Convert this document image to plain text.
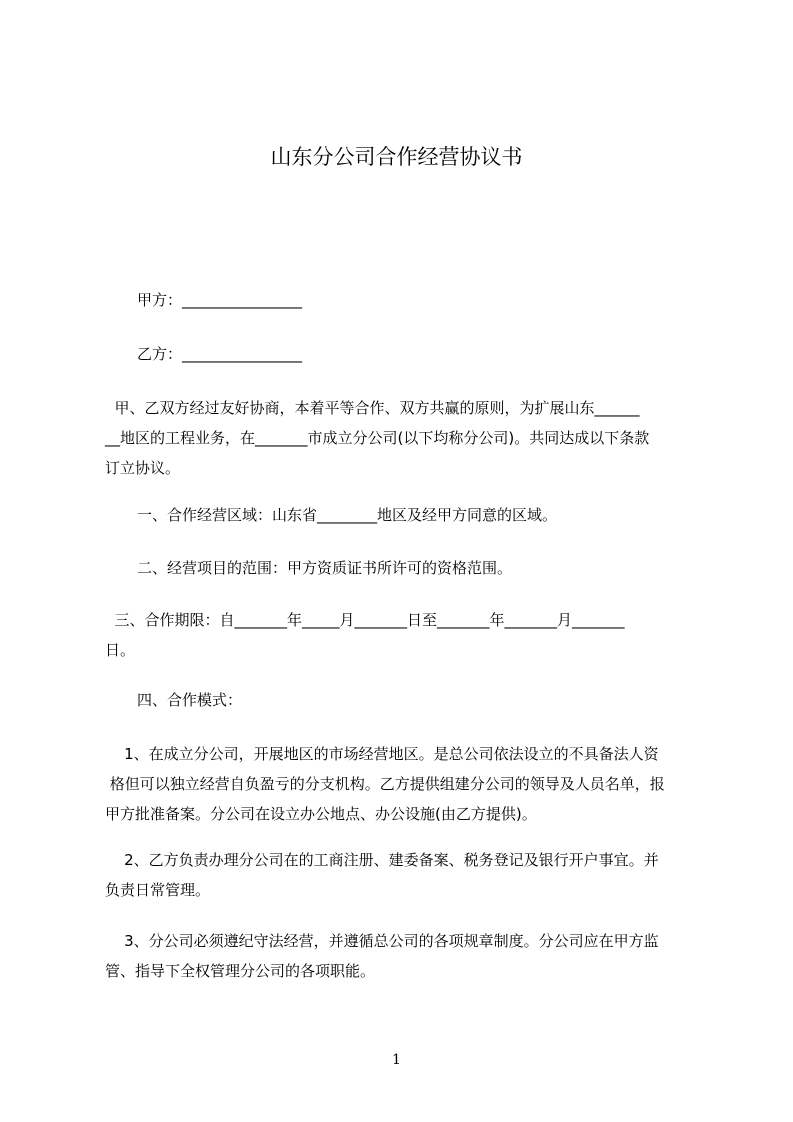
山东分公司合作经营协议书
甲方：________________
乙方：________________
甲、乙双方经过友好协商，本着平等合作、双方共赢的原则，为扩展山东______
__地区的工程业务，在_______市成立分公司(以下均称分公司)。共同达成以下条款
订立协议。
一、合作经营区域：山东省________地区及经甲方同意的区域。
二、经营项目的范围：甲方资质证书所许可的资格范围。
三、合作期限：自_______年_____月_______日至_______年_______月_______
日。
四、合作模式：
1、在成立分公司，开展地区的市场经营地区。是总公司依法设立的不具备法人资
格但可以独立经营自负盈亏的分支机构。乙方提供组建分公司的领导及人员名单，报
甲方批准备案。分公司在设立办公地点、办公设施(由乙方提供)。
2、乙方负责办理分公司在的工商注册、建委备案、税务登记及银行开户事宜。并
负责日常管理。
3、分公司必须遵纪守法经营，并遵循总公司的各项规章制度。分公司应在甲方监
管、指导下全权管理分公司的各项职能。
1
